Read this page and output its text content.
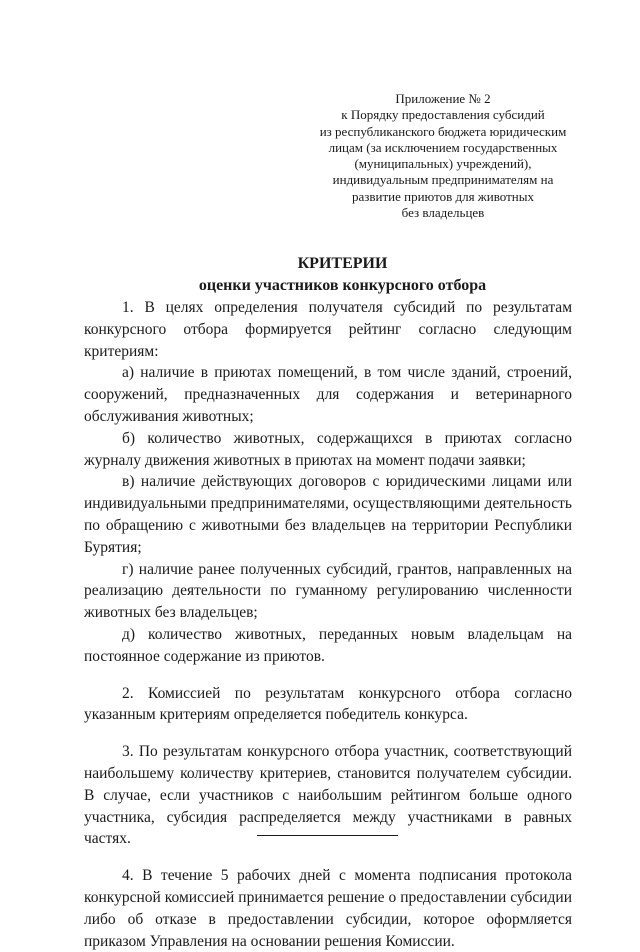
Приложение № 2
к Порядку предоставления субсидий
из республиканского бюджета юридическим
лицам (за исключением государственных
(муниципальных) учреждений),
индивидуальным предпринимателям на
развитие приютов для животных
без владельцев
КРИТЕРИИ
оценки участников конкурсного отбора

1. В целях определения получателя субсидий по результатам конкурсного отбора формируется рейтинг согласно следующим критериям:

а) наличие в приютах помещений, в том числе зданий, строений, сооружений, предназначенных для содержания и ветеринарного обслуживания животных;

б) количество животных, содержащихся в приютах согласно журналу движения животных в приютах на момент подачи заявки;

в) наличие действующих договоров с юридическими лицами или индивидуальными предпринимателями, осуществляющими деятельность по обращению с животными без владельцев на территории Республики Бурятия;

г) наличие ранее полученных субсидий, грантов, направленных на реализацию деятельности по гуманному регулированию численности животных без владельцев;

д) количество животных, переданных новым владельцам на постоянное содержание из приютов.

2. Комиссией по результатам конкурсного отбора согласно указанным критериям определяется победитель конкурса.

3. По результатам конкурсного отбора участник, соответствующий наибольшему количеству критериев, становится получателем субсидии. В случае, если участников с наибольшим рейтингом больше одного участника, субсидия распределяется между участниками в равных частях.

4. В течение 5 рабочих дней с момента подписания протокола конкурсной комиссией принимается решение о предоставлении субсидии либо об отказе в предоставлении субсидии, которое оформляется приказом Управления на основании решения Комиссии.
